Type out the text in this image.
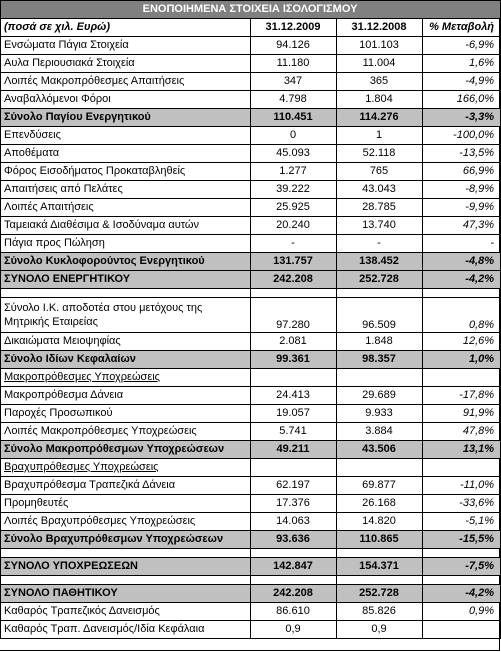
ΕΝΟΠΟΙΗΜΕΝΑ ΣΤΟΙΧΕΙΑ ΙΣΟΛΟΓΙΣΜΟΥ			
(ποσά σε χιλ. Ευρώ)	31.12.2009	31.12.2008	% Μεταβολή
Ενσώματα Πάγια Στοιχεία	94.126	101.103	-6,9%
Αυλα Περιουσιακά Στοιχεία	11.180	11.004	1,6%
Λοιπές Μακροπρόθεσμες Απαιτήσεις	347	365	-4,9%
Αναβαλλόμενοι Φόροι	4.798	1.804	166,0%
Σύνολο Παγίου Ενεργητικού	110.451	114.276	-3,3%
Επενδύσεις	0	1	-100,0%
Αποθέματα	45.093	52.118	-13,5%
Φόρος Εισοδήματος Προκαταβληθείς	1.277	765	66,9%
Απαιτήσεις από Πελάτες	39.222	43.043	-8,9%
Λοιπές Απαιτήσεις	25.925	28.785	-9,9%
Ταμειακά Διαθέσιμα & Ισοδύναμα αυτών	20.240	13.740	47,3%
Πάγια προς Πώληση	-	-	-
Σύνολο Κυκλοφορούντος Ενεργητικού	131.757	138.452	-4,8%
ΣΥΝΟΛΟ ΕΝΕΡΓΗΤΙΚΟΥ	242.208	252.728	-4,2%

Σύνολο Ι.Κ. αποδοτέα στου μετόχους της Μητρικής Εταιρείας	97.280	96.509	0,8%
Δικαιώματα Μειοψηφίας	2.081	1.848	12,6%
Σύνολο Ιδίων Κεφαλαίων	99.361	98.357	1,0%
Μακροπρόθεσμες Υποχρεώσεις			
Μακροπρόθεσμα Δάνεια	24.413	29.689	-17,8%
Παροχές Προσωπικού	19.057	9.933	91,9%
Λοιπές Μακροπρόθεσμες Υποχρεώσεις	5.741	3.884	47,8%
Σύνολο Μακροπρόθεσμων Υποχρεώσεων	49.211	43.506	13,1%
Βραχυπρόθεσμες Υποχρεώσεις			
Βραχυπρόθεσμα Τραπεζικά Δάνεια	62.197	69.877	-11,0%
Προμηθευτές	17.376	26.168	-33,6%
Λοιπές Βραχυπρόθεσμες Υποχρεώσεις	14.063	14.820	-5,1%
Σύνολο Βραχυπρόθεσμων Υποχρεώσεων	93.636	110.865	-15,5%

ΣΥΝΟΛΟ ΥΠΟΧΡΕΩΣΕΩΝ	142.847	154.371	-7,5%

ΣΥΝΟΛΟ ΠΑΘΗΤΙΚΟΥ	242.208	252.728	-4,2%
Καθαρός Τραπεζικός Δανεισμός	86.610	85.826	0,9%
Καθαρός Τραπ. Δανεισμός/Ιδία Κεφάλαια	0,9	0,9	
